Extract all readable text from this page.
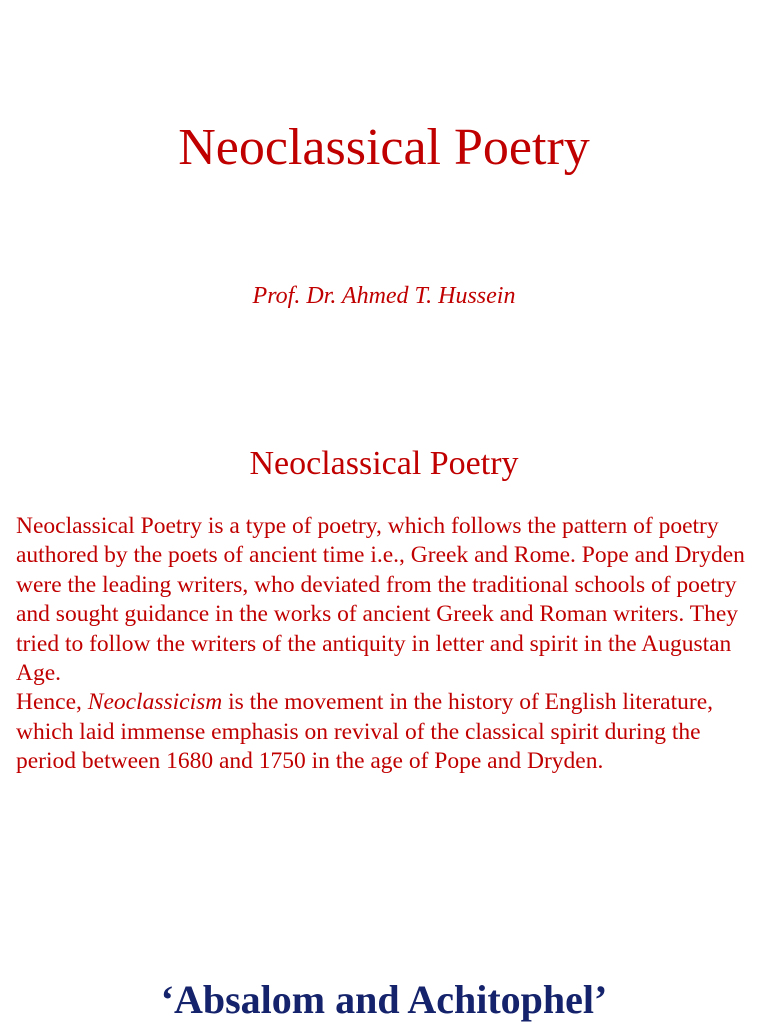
Neoclassical Poetry
Prof. Dr. Ahmed T. Hussein
Neoclassical Poetry

Neoclassical Poetry is a type of poetry, which follows the pattern of poetry authored by the poets of ancient time i.e., Greek and Rome. Pope and Dryden were the leading writers, who deviated from the traditional schools of poetry and sought guidance in the works of ancient Greek and Roman writers. They tried to follow the writers of the antiquity in letter and spirit in the Augustan Age.

Hence, Neoclassicism is the movement in the history of English literature, which laid immense emphasis on revival of the classical spirit during the period between 1680 and 1750 in the age of Pope and Dryden.

‘Absalom and Achitophel’
